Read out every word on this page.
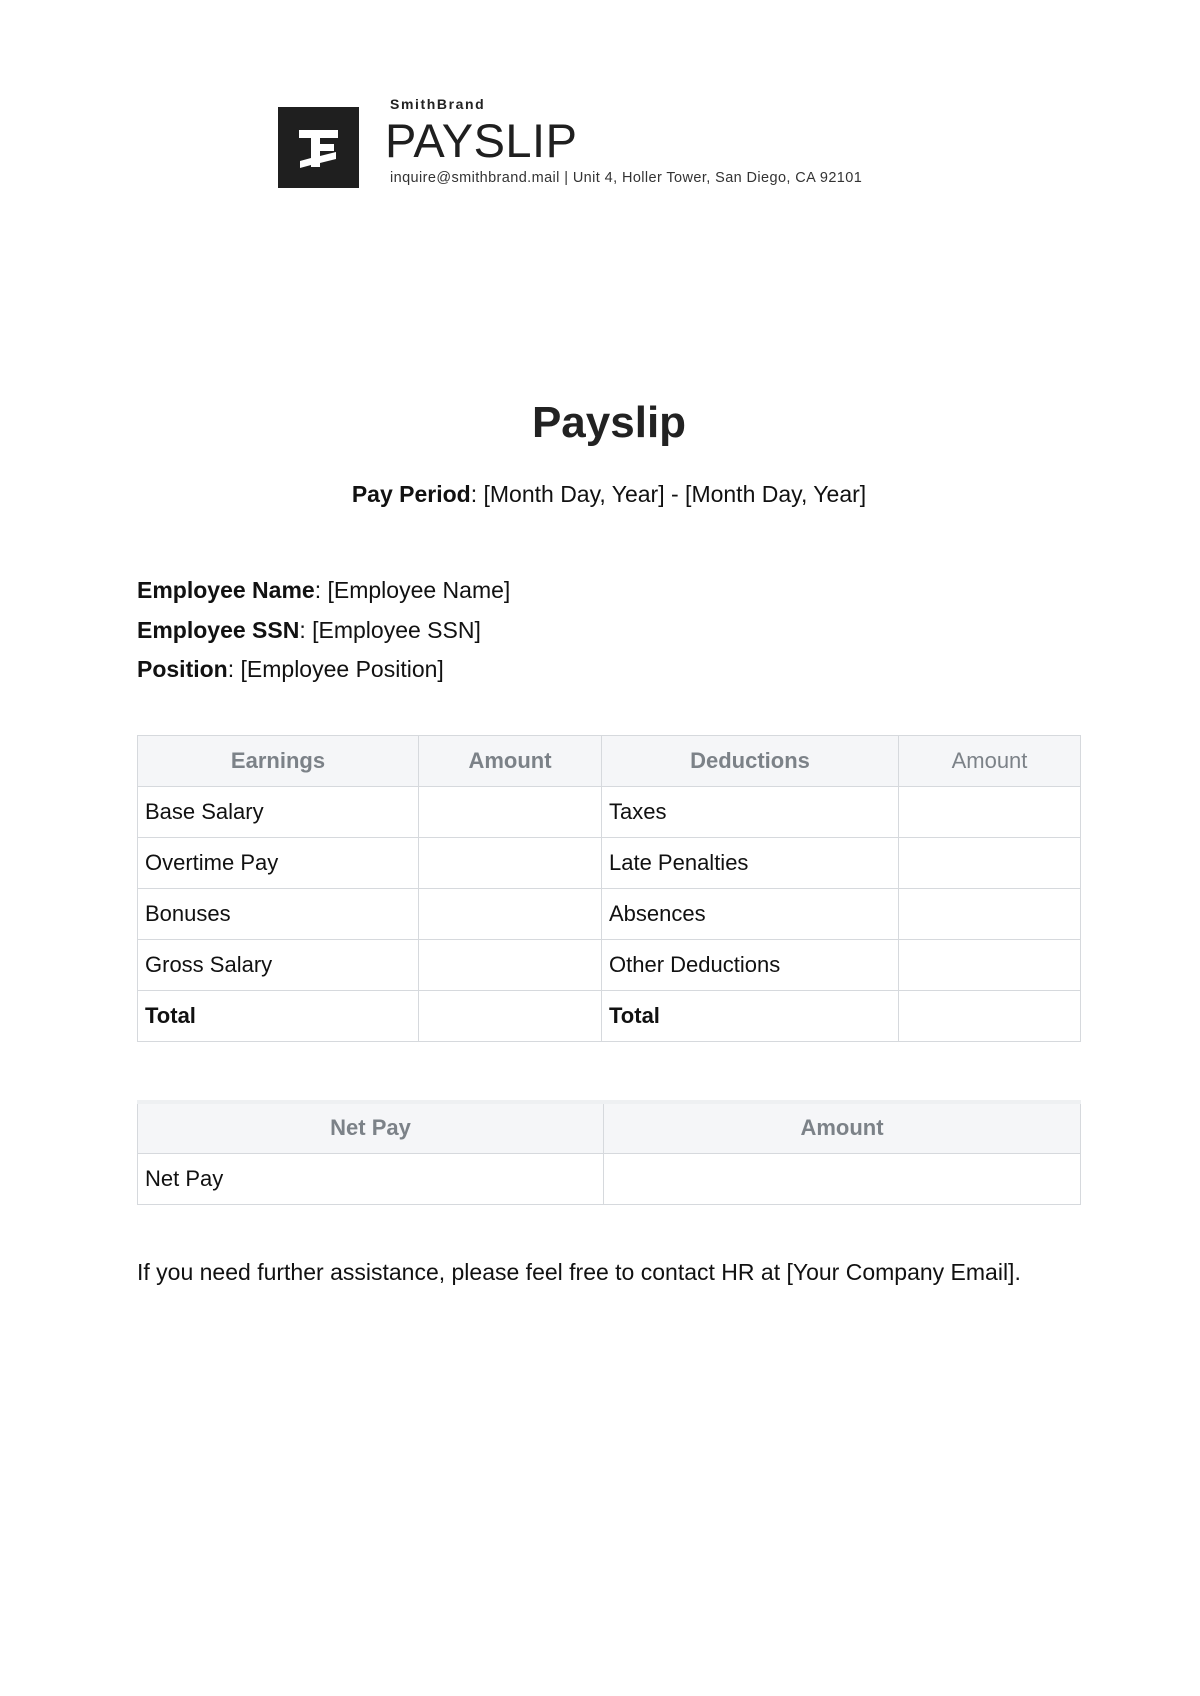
SmithBrand
PAYSLIP
inquire@smithbrand.mail | Unit 4, Holler Tower, San Diego, CA 92101
Payslip
Pay Period: [Month Day, Year] - [Month Day, Year]
Employee Name: [Employee Name]
Employee SSN: [Employee SSN]
Position: [Employee Position]
Earnings	Amount	Deductions	Amount
Base Salary		Taxes	
Overtime Pay		Late Penalties	
Bonuses		Absences	
Gross Salary		Other Deductions	
Total		Total	
Net Pay	Amount
Net Pay	
If you need further assistance, please feel free to contact HR at [Your Company Email].
